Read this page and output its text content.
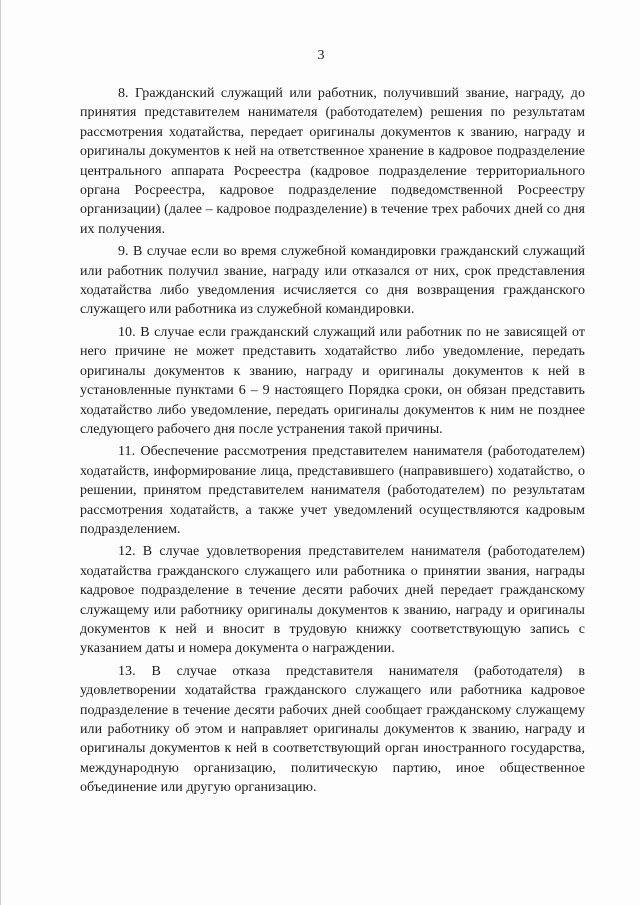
3

8. Гражданский служащий или работник, получивший звание, награду, до принятия представителем нанимателя (работодателем) решения по результатам рассмотрения ходатайства, передает оригиналы документов к званию, награду и оригиналы документов к ней на ответственное хранение в кадровое подразделение центрального аппарата Росреестра (кадровое подразделение территориального органа Росреестра, кадровое подразделение подведомственной Росреестру организации) (далее – кадровое подразделение) в течение трех рабочих дней со дня их получения.

9. В случае если во время служебной командировки гражданский служащий или работник получил звание, награду или отказался от них, срок представления ходатайства либо уведомления исчисляется со дня возвращения гражданского служащего или работника из служебной командировки.

10. В случае если гражданский служащий или работник по не зависящей от него причине не может представить ходатайство либо уведомление, передать оригиналы документов к званию, награду и оригиналы документов к ней в установленные пунктами 6 – 9 настоящего Порядка сроки, он обязан представить ходатайство либо уведомление, передать оригиналы документов к ним не позднее следующего рабочего дня после устранения такой причины.

11. Обеспечение рассмотрения представителем нанимателя (работодателем) ходатайств, информирование лица, представившего (направившего) ходатайство, о решении, принятом представителем нанимателя (работодателем) по результатам рассмотрения ходатайств, а также учет уведомлений осуществляются кадровым подразделением.

12. В случае удовлетворения представителем нанимателя (работодателем) ходатайства гражданского служащего или работника о принятии звания, награды кадровое подразделение в течение десяти рабочих дней передает гражданскому служащему или работнику оригиналы документов к званию, награду и оригиналы документов к ней и вносит в трудовую книжку соответствующую запись с указанием даты и номера документа о награждении.

13. В случае отказа представителя нанимателя (работодателя) в удовлетворении ходатайства гражданского служащего или работника кадровое подразделение в течение десяти рабочих дней сообщает гражданскому служащему или работнику об этом и направляет оригиналы документов к званию, награду и оригиналы документов к ней в соответствующий орган иностранного государства, международную организацию, политическую партию, иное общественное объединение или другую организацию.
